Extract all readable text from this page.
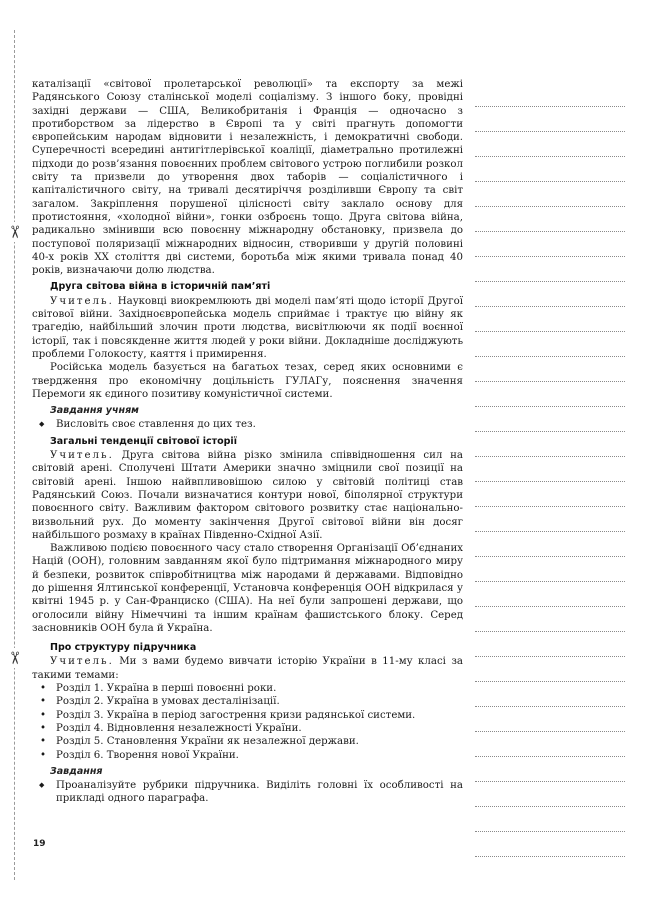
✂
✂

каталізації «світової пролетарської революції» та експорту за межі Радянського Союзу сталінської моделі соціалізму. З іншого боку, провідні західні держави — США, Великобританія і Франція — одночасно з протиборством за лідерство в Європі та у світі прагнуть допомогти європейським народам відновити і незалежність, і демократичні свободи. Суперечності всередині антигітлерівської коаліції, діаметрально протилежні підходи до розв’язання повоєнних проблем світового устрою поглибили розкол світу та призвели до утворення двох таборів — соціалістичного і капіталістичного світу, на тривалі десятиріччя розділивши Європу та світ загалом. Закріплення порушеної цілісності світу заклало основу для протистояння, «холодної війни», гонки озброєнь тощо. Друга світова війна, радикально змінивши всю повоєнну міжнародну обстановку, призвела до поступової поляризації міжнародних відносин, створивши у другій половині 40-х років XX століття дві системи, боротьба між якими тривала понад 40 років, визначаючи долю людства.

Друга світова війна в історичній пам’яті

Учитель. Науковці виокремлюють дві моделі пам’яті щодо історії Другої світової війни. Західноєвропейська модель сприймає і трактує цю війну як трагедію, найбільший злочин проти людства, висвітлюючи як події воєнної історії, так і повсякденне життя людей у роки війни. Докладніше досліджують проблеми Голокосту, каяття і примирення.

Російська модель базується на багатьох тезах, серед яких основними є твердження про економічну доцільність ГУЛАГу, пояснення значення Перемоги як єдиного позитиву комуністичної системи.

Завдання учням

◆ Висловіть своє ставлення до цих тез.

Загальні тенденції світової історії

Учитель. Друга світова війна різко змінила співвідношення сил на світовій арені. Сполучені Штати Америки значно зміцнили свої позиції на світовій арені. Іншою найвпливовішою силою у світовій політиці став Радянський Союз. Почали визначатися контури нової, біполярної структури повоєнного світу. Важливим фактором світового розвитку стає національно-визвольний рух. До моменту закінчення Другої світової війни він досяг найбільшого розмаху в країнах Південно-Східної Азії.

Важливою подією повоєнного часу стало створення Організації Об’єднаних Націй (ООН), головним завданням якої було підтримання міжнародного миру й безпеки, розвиток співробітництва між народами й державами. Відповідно до рішення Ялтинської конференції, Установча конференція ООН відкрилася у квітні 1945 р. у Сан-Франциско (США). На неї були запрошені держави, що оголосили війну Німеччині та іншим країнам фашистського блоку. Серед засновників ООН була й Україна.

Про структуру підручника

Учитель. Ми з вами будемо вивчати історію України в 11-му класі за такими темами:

• Розділ 1. Україна в перші повоєнні роки.

• Розділ 2. Україна в умовах десталінізації.

• Розділ 3. Україна в період загострення кризи радянської системи.

• Розділ 4. Відновлення незалежності України.

• Розділ 5. Становлення України як незалежної держави.

• Розділ 6. Творення нової України.

Завдання

◆ Проаналізуйте рубрики підручника. Виділіть головні їх особливості на прикладі одного параграфа.

19
